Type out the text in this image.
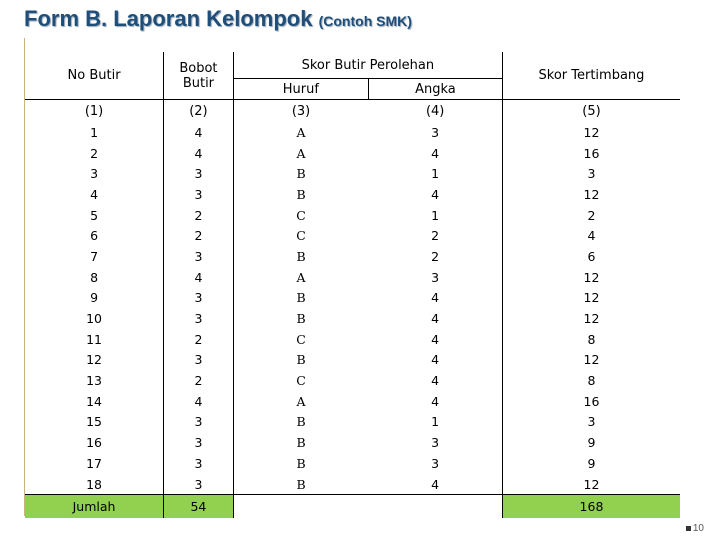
Form B. Laporan Kelompok (Contoh SMK)
No Butir	Bobot Butir	Skor Butir Perolehan		Skor Tertimbang
		Huruf	Angka	
(1)	(2)	(3)	(4)	(5)
1	4	A	3	12
2	4	A	4	16
3	3	B	1	3
4	3	B	4	12
5	2	C	1	2
6	2	C	2	4
7	3	B	2	6
8	4	A	3	12
9	3	B	4	12
10	3	B	4	12
11	2	C	4	8
12	3	B	4	12
13	2	C	4	8
14	4	A	4	16
15	3	B	1	3
16	3	B	3	9
17	3	B	3	9
18	3	B	4	12
Jumlah	54			168
10
